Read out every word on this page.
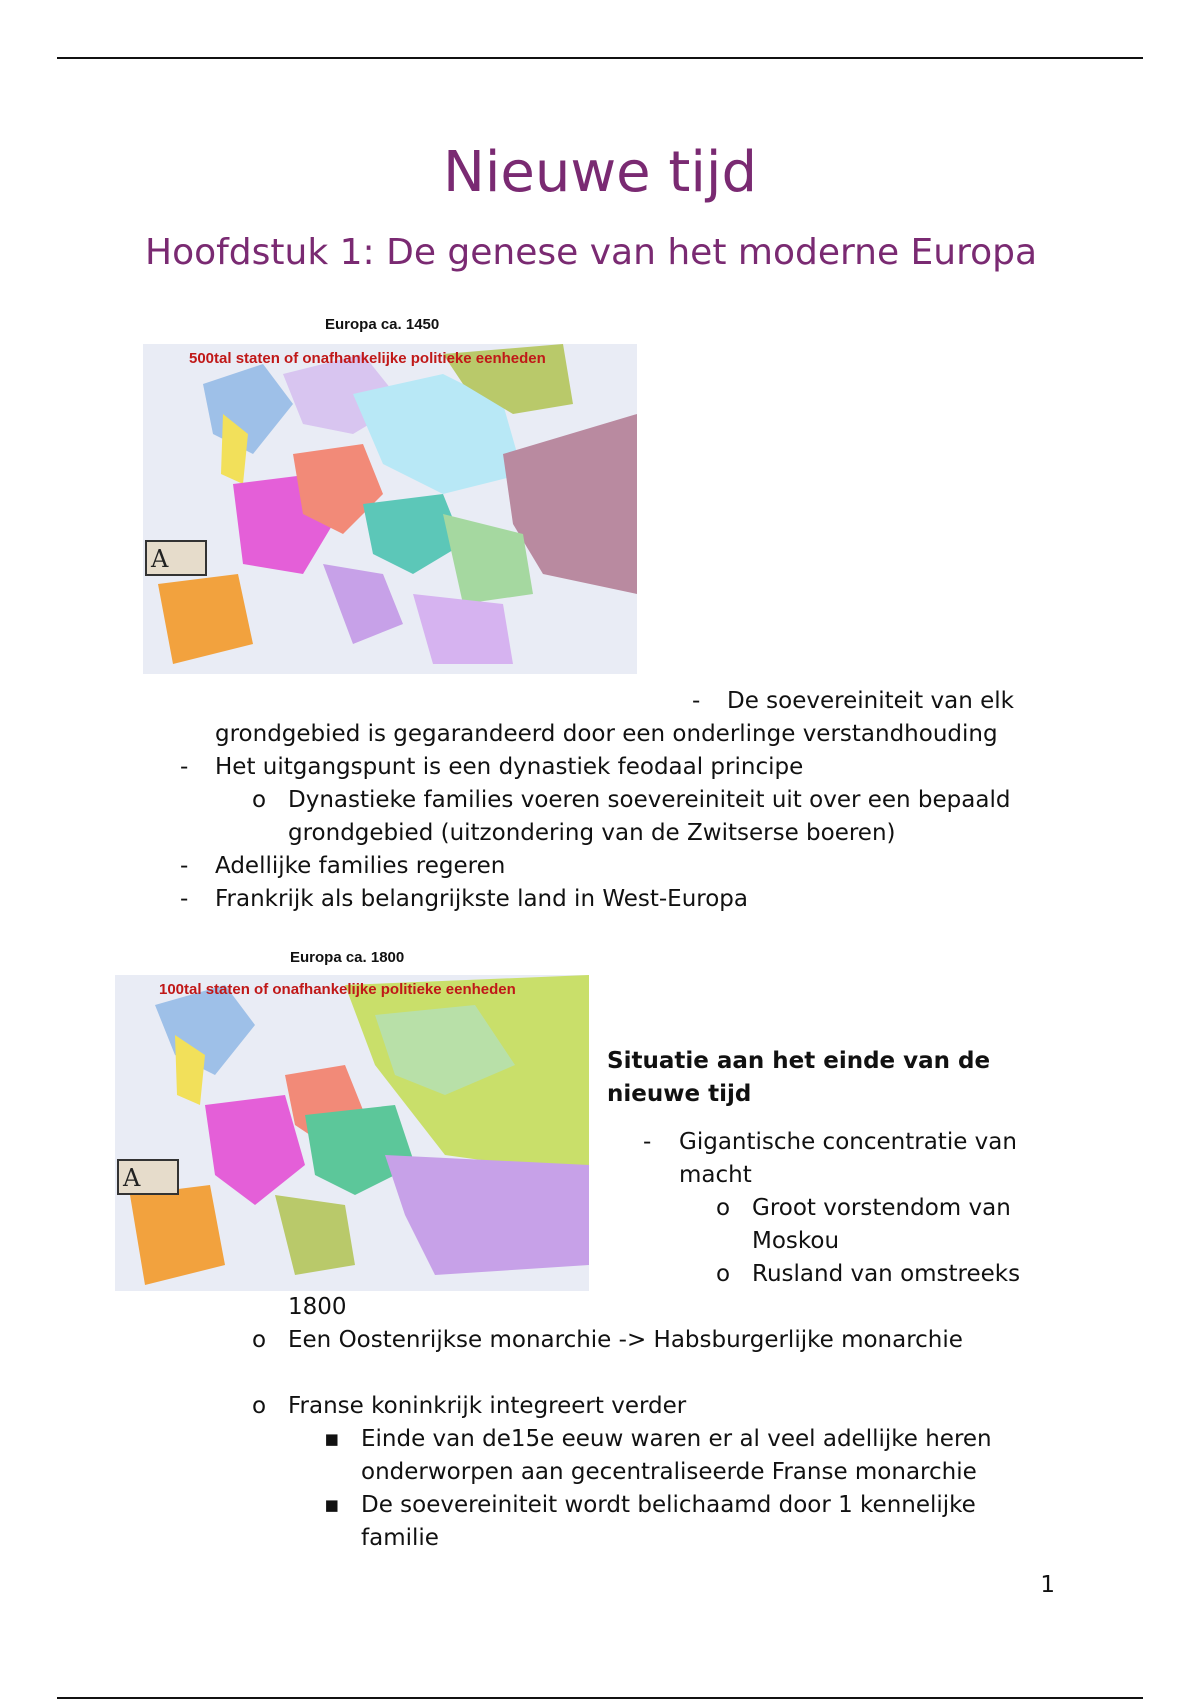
Nieuwe tijd
Hoofdstuk 1: De genese van het moderne Europa
Europa ca. 1450
500tal staten of onafhankelijke politieke eenheden
A
- De soevereiniteit van elk
grondgebied is gegarandeerd door een onderlinge verstandhouding
- Het uitgangspunt is een dynastiek feodaal principe
o Dynastieke families voeren soevereiniteit uit over een bepaald
grondgebied (uitzondering van de Zwitserse boeren)
- Adellijke families regeren
- Frankrijk als belangrijkste land in West-Europa
Europa ca. 1800
100tal staten of onafhankelijke politieke eenheden
A
Situatie aan het einde van de
nieuwe tijd
- Gigantische concentratie van
macht
o Groot vorstendom van
Moskou
o Rusland van omstreeks
1800
o Een Oostenrijkse monarchie -> Habsburgerlijke monarchie
o Franse koninkrijk integreert verder
▪ Einde van de15e eeuw waren er al veel adellijke heren
onderworpen aan gecentraliseerde Franse monarchie
▪ De soevereiniteit wordt belichaamd door 1 kennelijke
familie
1
